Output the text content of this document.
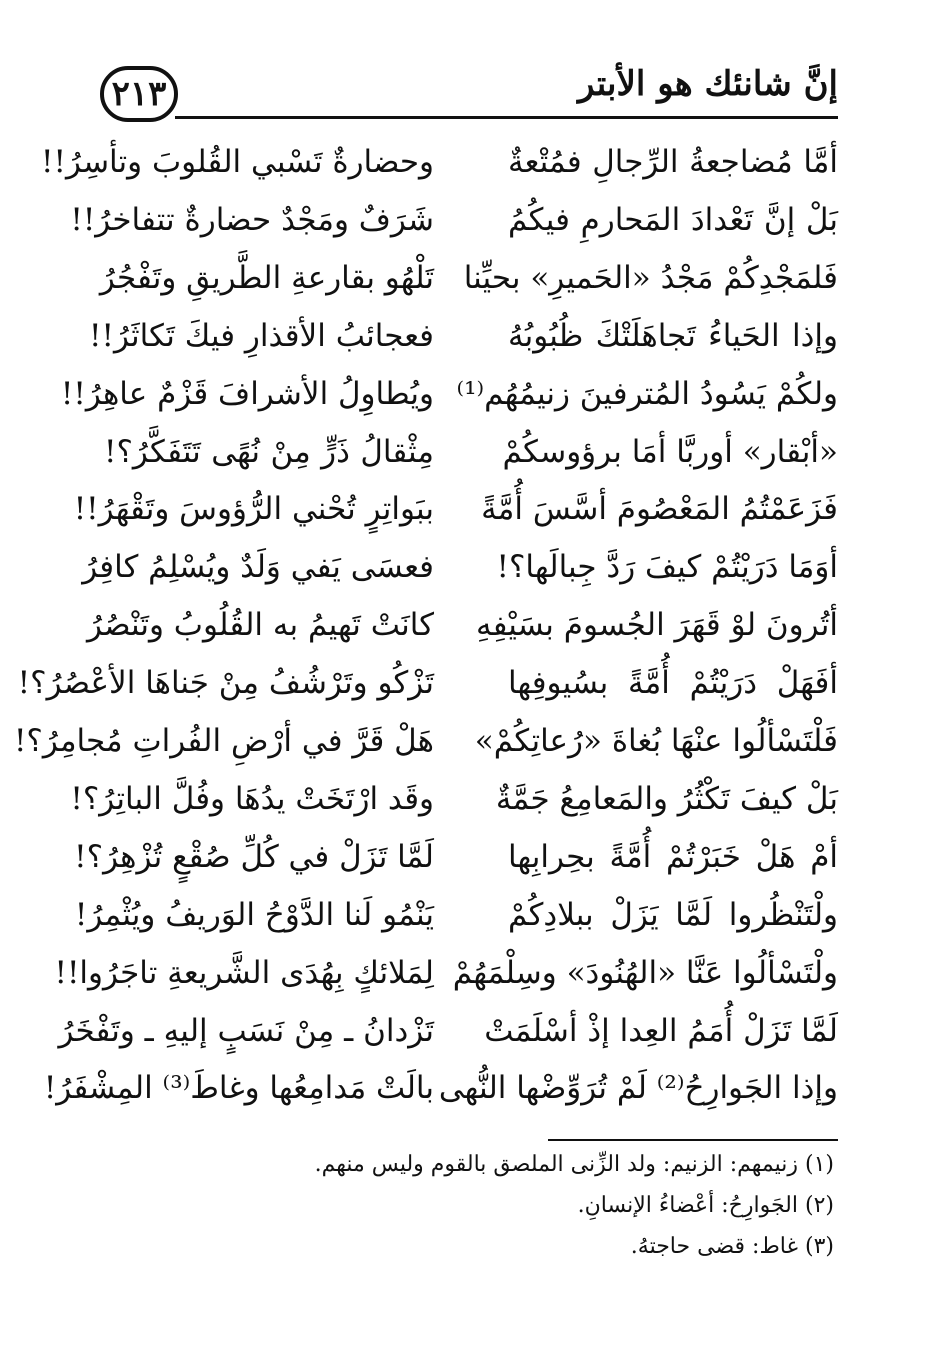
إنَّ شانئك هو الأبتر
٢١٣
أمَّا مُضاجعةُ الرِّجالِ فمُتْعةٌ
وحضارةٌ تَسْبي القُلوبَ وتأسِرُ!!
بَلْ إنَّ تَعْدادَ المَحارمِ فيكُمُ
شَرَفٌ ومَجْدٌ حضارةٌ تتفاخرُ!!
فَلمَجْدِكُمْ مَجْدُ «الحَميرِ» بحيِّنا
تَلْهُو بقارعةِ الطَّريقِ وتَفْجُرُ
وإذا الحَياءُ تَجاهَلَتْكَ ظُبُوبُهُ
فعجائبُ الأقذارِ فيكَ تَكاثَرُ!!
ولكُمْ يَسُودُ المُترفينَ زنيمُهُم⁽¹⁾
ويُطاوِلُ الأشرافَ قَزْمٌ عاهِرُ!!
«أبْقار» أوربَّا أمَا برؤوسكُمْ
مِثْقالُ ذَرٍّ مِنْ نُهًى تَتَفَكَّرُ؟!
فَزَعَمْتُمُ المَعْصُومَ أسَّسَ أُمَّةً
ببَواتِرٍ تُحْني الرُّؤوسَ وتَقْهَرُ!!
أوَمَا دَرَيْتُمْ كيفَ رَدَّ جِبالَها؟!
فعسَى يَفي وَلَدٌ ويُسْلِمُ كافِرُ
أتُرونَ لوْ قَهَرَ الجُسومَ بسَيْفِهِ
كانَتْ تَهيمُ به القُلُوبُ وتَنْصُرُ
أفَهَلْ دَرَيْتُمْ أُمَّةً بسُيوفِها
تَزْكُو وتَرْشُفُ مِنْ جَناهَا الأعْصُرُ؟!
فَلْتَسْألُوا عنْهَا بُغاةَ «رُعاتِكُمْ»
هَلْ قَرَّ في أرْضِ الفُراتِ مُجامِرُ؟!
بَلْ كيفَ تَكْثُرُ والمَعامِعُ جَمَّةٌ
وقَد ارْتَخَتْ يدُهَا وفُلَّ الباتِرُ؟!
أمْ هَلْ خَبَرْتُمْ أُمَّةً بحِرابِها
لَمَّا تَزَلْ في كُلِّ صُقْعٍ تُزْهِرُ؟!
ولْتَنْظُروا لَمَّا يَزَلْ ببلادِكُمْ
يَنْمُو لَنا الدَّوْحُ الوَريفُ ويُثْمِرُ!
ولْتَسْألُوا عَنَّا «الهُنُودَ» وسِلْمَهُمْ
لِمَلائكٍ بِهُدَى الشَّريعةِ تاجَرُوا!!
لَمَّا تَزَلْ أُمَمُ العِدا إذْ أسْلَمَتْ
تَزْدانُ ـ مِنْ نَسَبٍ إليهِ ـ وتَفْخَرُ
وإذا الجَوارِحُ⁽²⁾ لَمْ تُرَوِّضْها النُّهى
بالَتْ مَدامِعُها وغاطَ⁽³⁾ المِشْفَرُ!
(١) زنيمهم: الزنيم: ولد الزِّنى الملصق بالقوم وليس منهم.
(٢) الجَوارِحُ: أعْضاءُ الإنسانِ.
(٣) غاط: قضى حاجتهُ.
